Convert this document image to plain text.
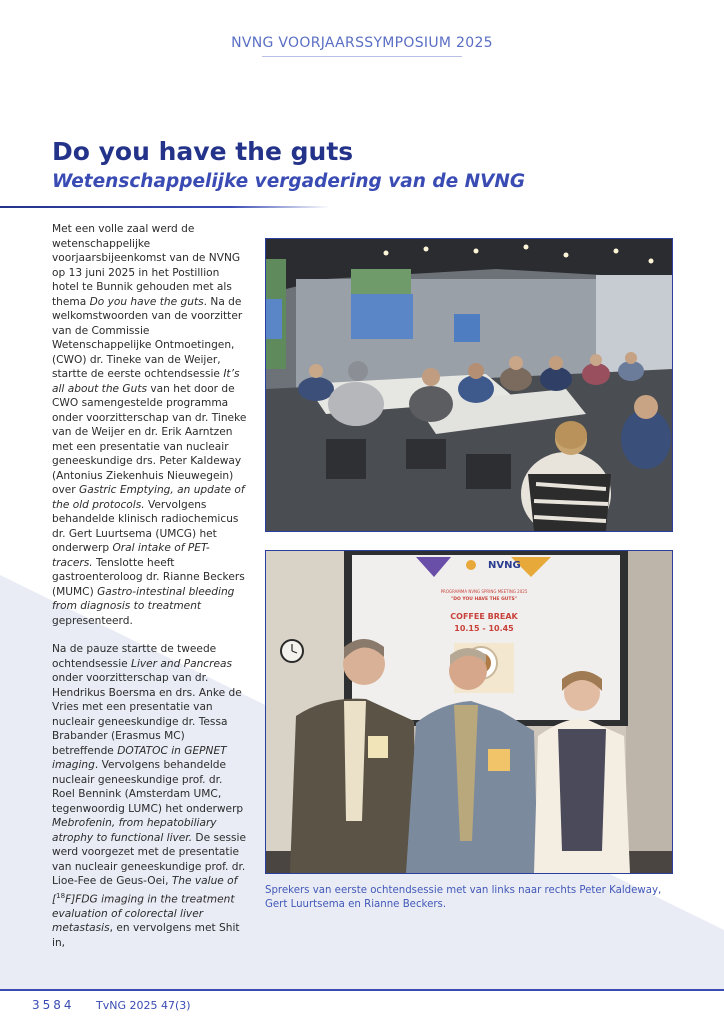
NVNG VOORJAARSSYMPOSIUM 2025
Do you have the guts
Wetenschappelijke vergadering van de NVNG

Met een volle zaal werd de wetenschappelijke voorjaarsbijeenkomst van de NVNG op 13 juni 2025 in het Postillion hotel te Bunnik gehouden met als thema Do you have the guts. Na de welkomstwoorden van de voorzitter van de Commissie Wetenschappelijke Ontmoetingen, (CWO) dr. Tineke van de Weijer, startte de eerste ochtendsessie It’s all about the Guts van het door de CWO samengestelde programma onder voorzitterschap van dr. Tineke van de Weijer en dr. Erik Aarntzen met een presentatie van nucleair geneeskundige drs. Peter Kaldeway (Antonius Ziekenhuis Nieuwegein) over Gastric Emptying, an update of the old protocols. Vervolgens behandelde klinisch radiochemicus dr. Gert Luurtsema (UMCG) het onderwerp Oral intake of PET-tracers. Tenslotte heeft gastroenteroloog dr. Rianne Beckers (MUMC) Gastro-intestinal bleeding from diagnosis to treatment gepresenteerd.

Na de pauze startte de tweede ochtendsessie Liver and Pancreas onder voorzitterschap van dr. Hendrikus Boersma en drs. Anke de Vries met een presentatie van nucleair geneeskundige dr. Tessa Brabander (Erasmus MC) betreffende DOTATOC in GEPNET imaging. Vervolgens behandelde nucleair geneeskundige prof. dr. Roel Bennink (Amsterdam UMC, tegenwoordig LUMC) het onderwerp Mebrofenin, from hepatobiliary atrophy to functional liver. De sessie werd voorgezet met de presentatie van nucleair geneeskundige prof. dr. Lioe-Fee de Geus-Oei, The value of [$^{18}$F]FDG imaging in the treatment evaluation of colorectal liver metastasis, en vervolgens met Shit in,

NVNG
PROGRAMMA NVNG SPRING MEETING 2025
"DO YOU HAVE THE GUTS"
COFFEE BREAK
10.15 - 10.45
Sprekers van eerste ochtendsessie met van links naar rechts Peter Kaldeway, Gert Luurtsema en Rianne Beckers.
3584 TvNG 2025 47(3)
